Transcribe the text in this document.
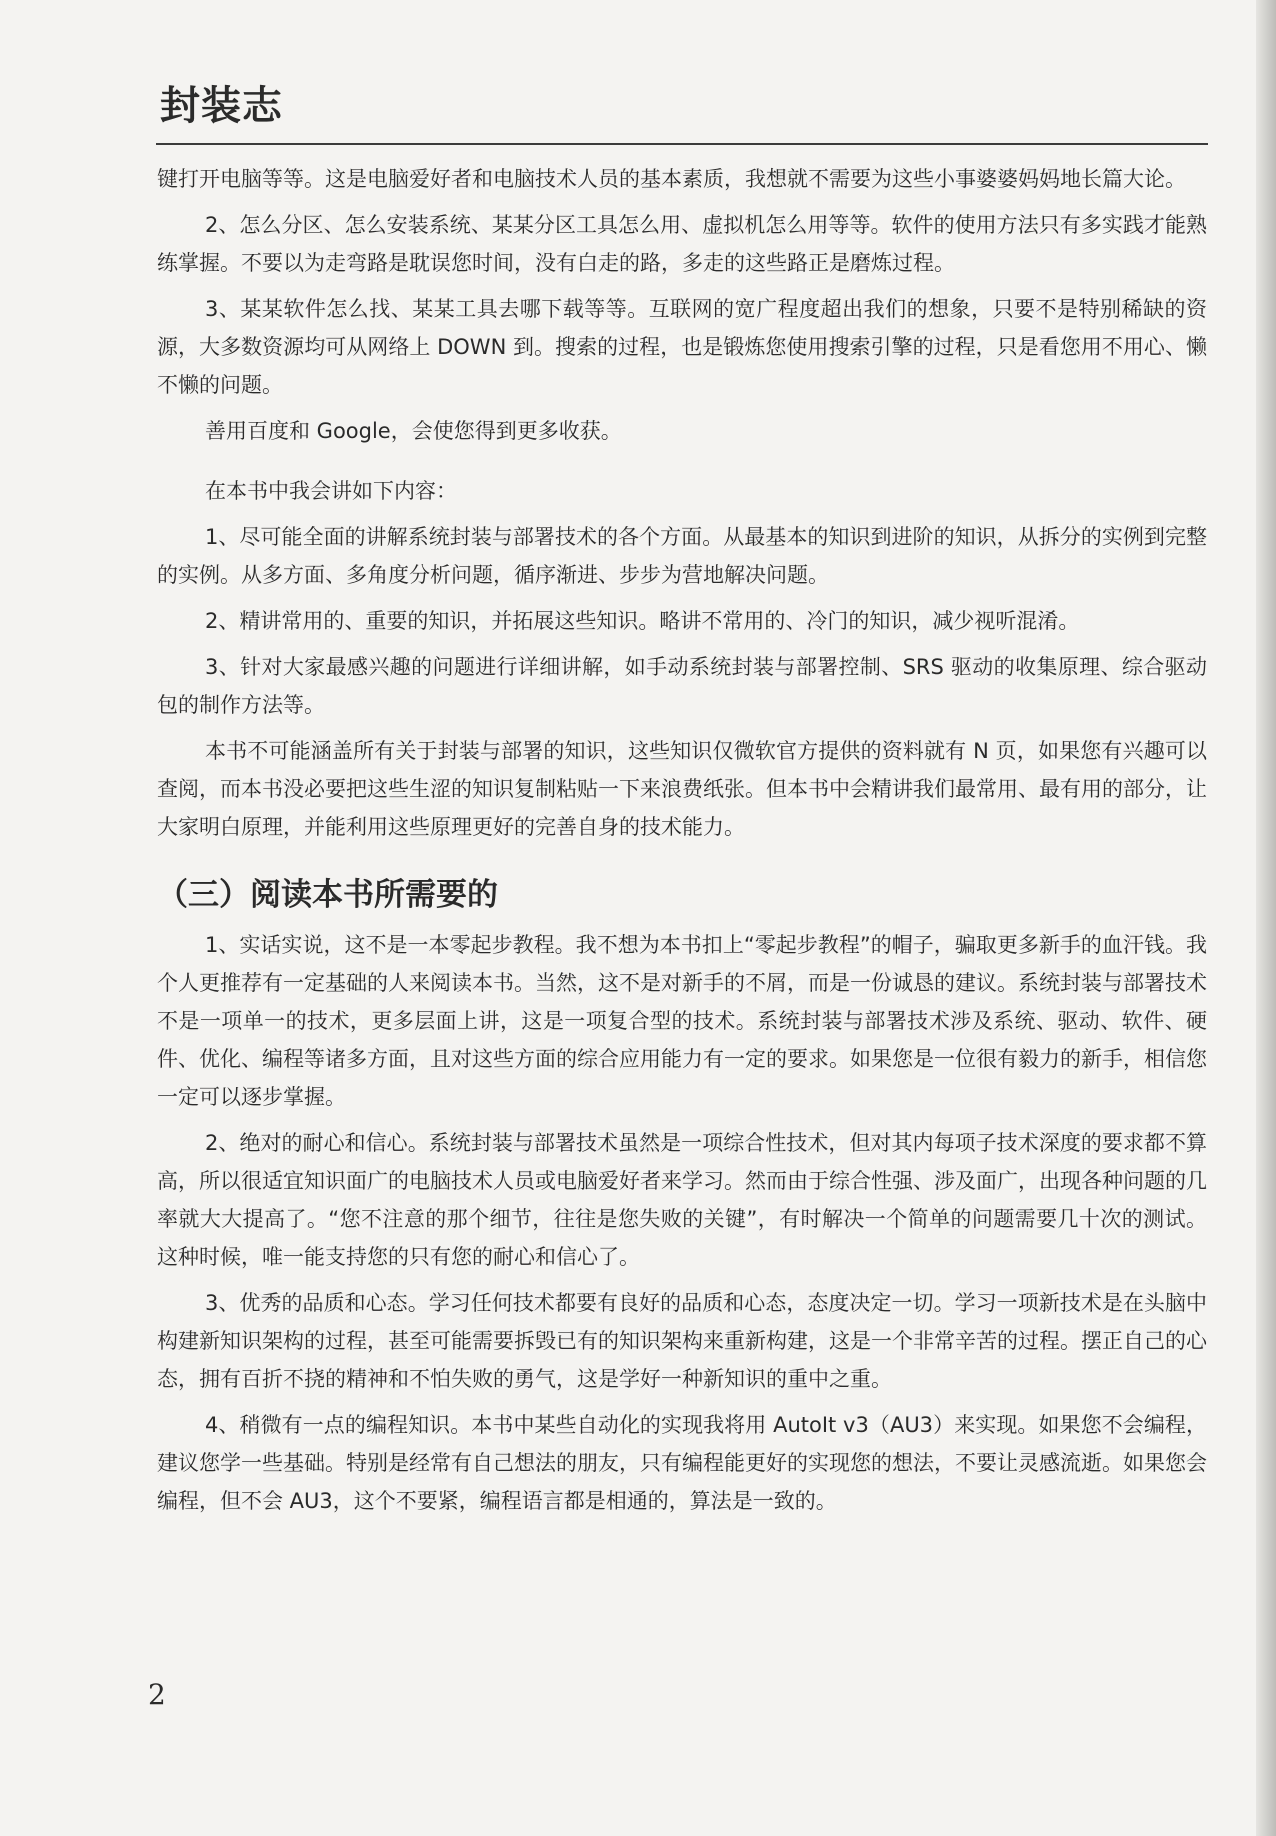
封装志

键打开电脑等等。这是电脑爱好者和电脑技术人员的基本素质，我想就不需要为这些小事婆婆妈妈地长篇大论。

2、怎么分区、怎么安装系统、某某分区工具怎么用、虚拟机怎么用等等。软件的使用方法只有多实践才能熟练掌握。不要以为走弯路是耽误您时间，没有白走的路，多走的这些路正是磨炼过程。

3、某某软件怎么找、某某工具去哪下载等等。互联网的宽广程度超出我们的想象，只要不是特别稀缺的资源，大多数资源均可从网络上 DOWN 到。搜索的过程，也是锻炼您使用搜索引擎的过程，只是看您用不用心、懒不懒的问题。

善用百度和 Google，会使您得到更多收获。

在本书中我会讲如下内容：

1、尽可能全面的讲解系统封装与部署技术的各个方面。从最基本的知识到进阶的知识，从拆分的实例到完整的实例。从多方面、多角度分析问题，循序渐进、步步为营地解决问题。

2、精讲常用的、重要的知识，并拓展这些知识。略讲不常用的、冷门的知识，减少视听混淆。

3、针对大家最感兴趣的问题进行详细讲解，如手动系统封装与部署控制、SRS 驱动的收集原理、综合驱动包的制作方法等。

本书不可能涵盖所有关于封装与部署的知识，这些知识仅微软官方提供的资料就有 N 页，如果您有兴趣可以查阅，而本书没必要把这些生涩的知识复制粘贴一下来浪费纸张。但本书中会精讲我们最常用、最有用的部分，让大家明白原理，并能利用这些原理更好的完善自身的技术能力。

（三）阅读本书所需要的

1、实话实说，这不是一本零起步教程。我不想为本书扣上“零起步教程”的帽子，骗取更多新手的血汗钱。我个人更推荐有一定基础的人来阅读本书。当然，这不是对新手的不屑，而是一份诚恳的建议。系统封装与部署技术不是一项单一的技术，更多层面上讲，这是一项复合型的技术。系统封装与部署技术涉及系统、驱动、软件、硬件、优化、编程等诸多方面，且对这些方面的综合应用能力有一定的要求。如果您是一位很有毅力的新手，相信您一定可以逐步掌握。

2、绝对的耐心和信心。系统封装与部署技术虽然是一项综合性技术，但对其内每项子技术深度的要求都不算高，所以很适宜知识面广的电脑技术人员或电脑爱好者来学习。然而由于综合性强、涉及面广，出现各种问题的几率就大大提高了。“您不注意的那个细节，往往是您失败的关键”，有时解决一个简单的问题需要几十次的测试。这种时候，唯一能支持您的只有您的耐心和信心了。

3、优秀的品质和心态。学习任何技术都要有良好的品质和心态，态度决定一切。学习一项新技术是在头脑中构建新知识架构的过程，甚至可能需要拆毁已有的知识架构来重新构建，这是一个非常辛苦的过程。摆正自己的心态，拥有百折不挠的精神和不怕失败的勇气，这是学好一种新知识的重中之重。

4、稍微有一点的编程知识。本书中某些自动化的实现我将用 AutoIt v3（AU3）来实现。如果您不会编程，建议您学一些基础。特别是经常有自己想法的朋友，只有编程能更好的实现您的想法，不要让灵感流逝。如果您会编程，但不会 AU3，这个不要紧，编程语言都是相通的，算法是一致的。

2
